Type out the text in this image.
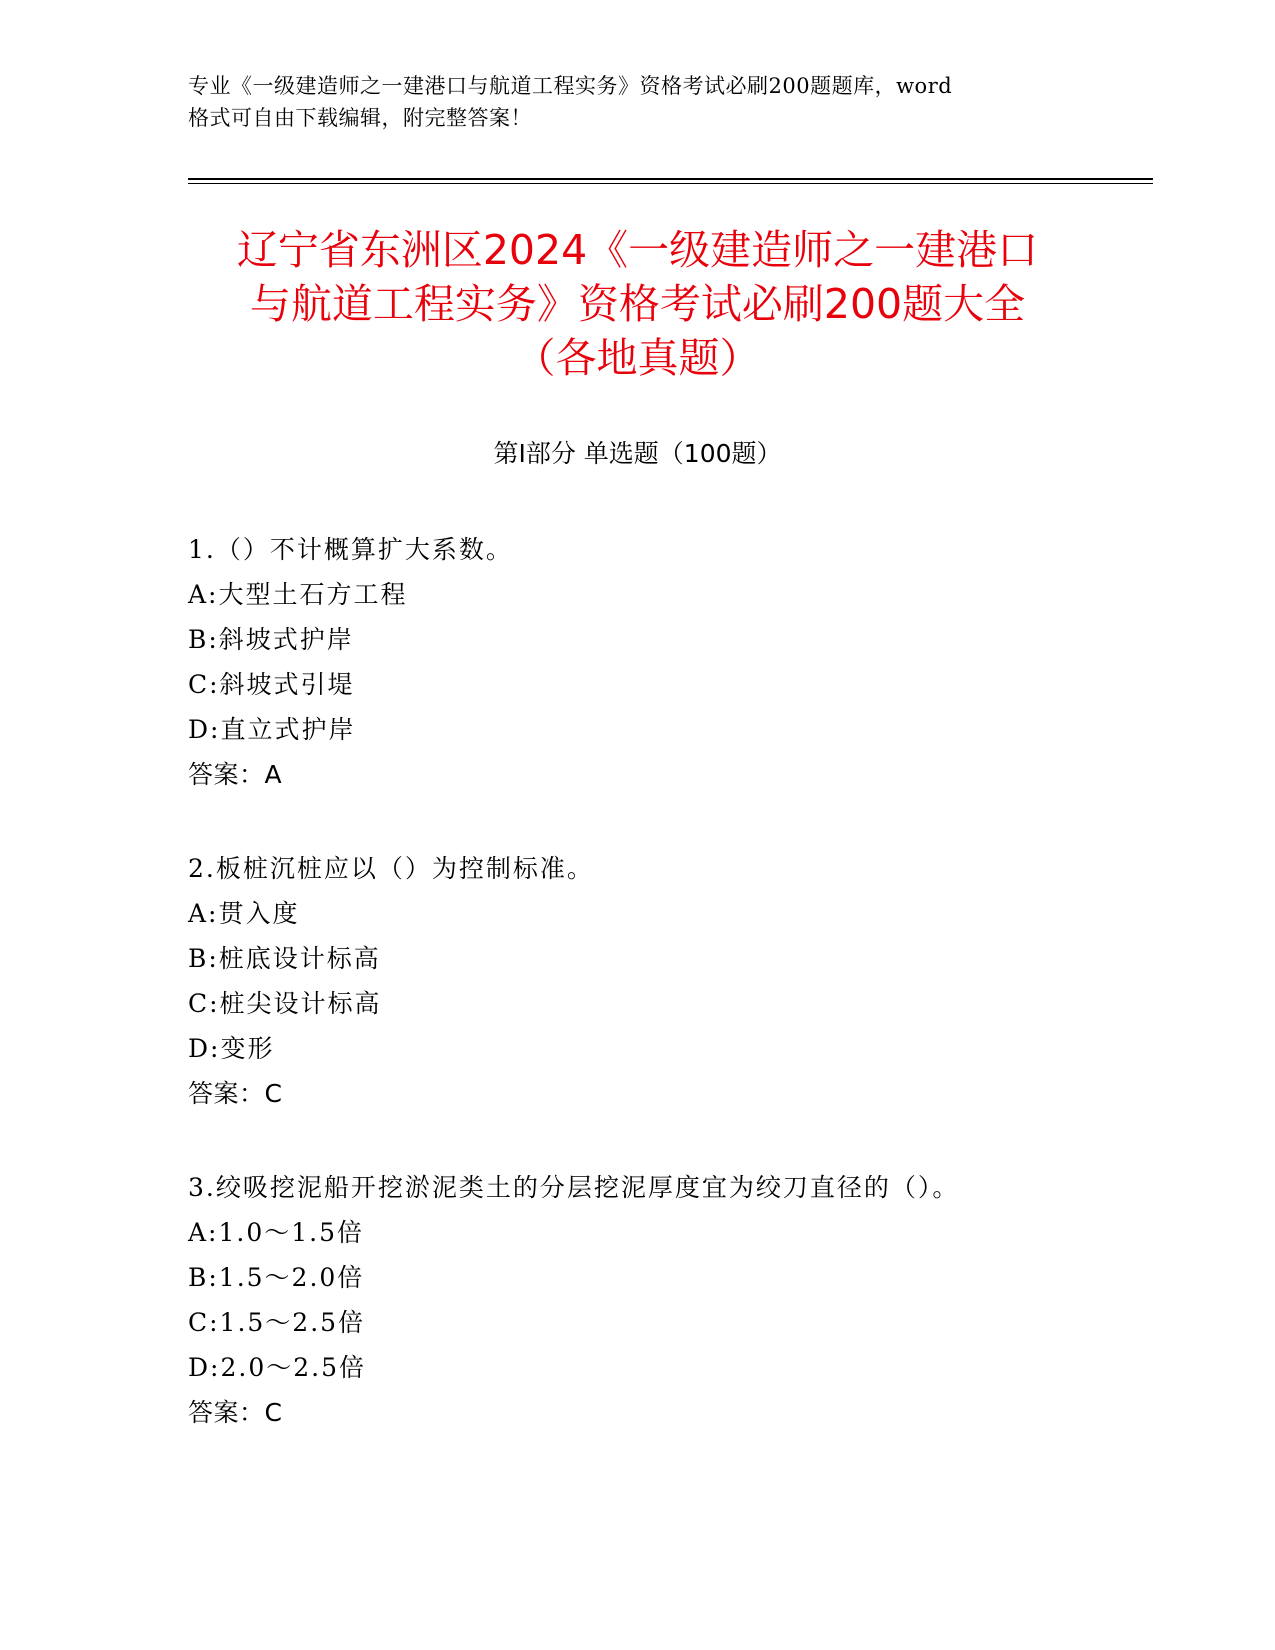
专业《一级建造师之一建港口与航道工程实务》资格考试必刷200题题库，word
格式可自由下载编辑，附完整答案！
辽宁省东洲区2024《一级建造师之一建港口
与航道工程实务》资格考试必刷200题大全
（各地真题）
第I部分 单选题（100题）
1.（）不计概算扩大系数。
A:大型土石方工程
B:斜坡式护岸
C:斜坡式引堤
D:直立式护岸
答案：A
2.板桩沉桩应以（）为控制标准。
A:贯入度
B:桩底设计标高
C:桩尖设计标高
D:变形
答案：C
3.绞吸挖泥船开挖淤泥类土的分层挖泥厚度宜为绞刀直径的（）。
A:1.0～1.5倍
B:1.5～2.0倍
C:1.5～2.5倍
D:2.0～2.5倍
答案：C
